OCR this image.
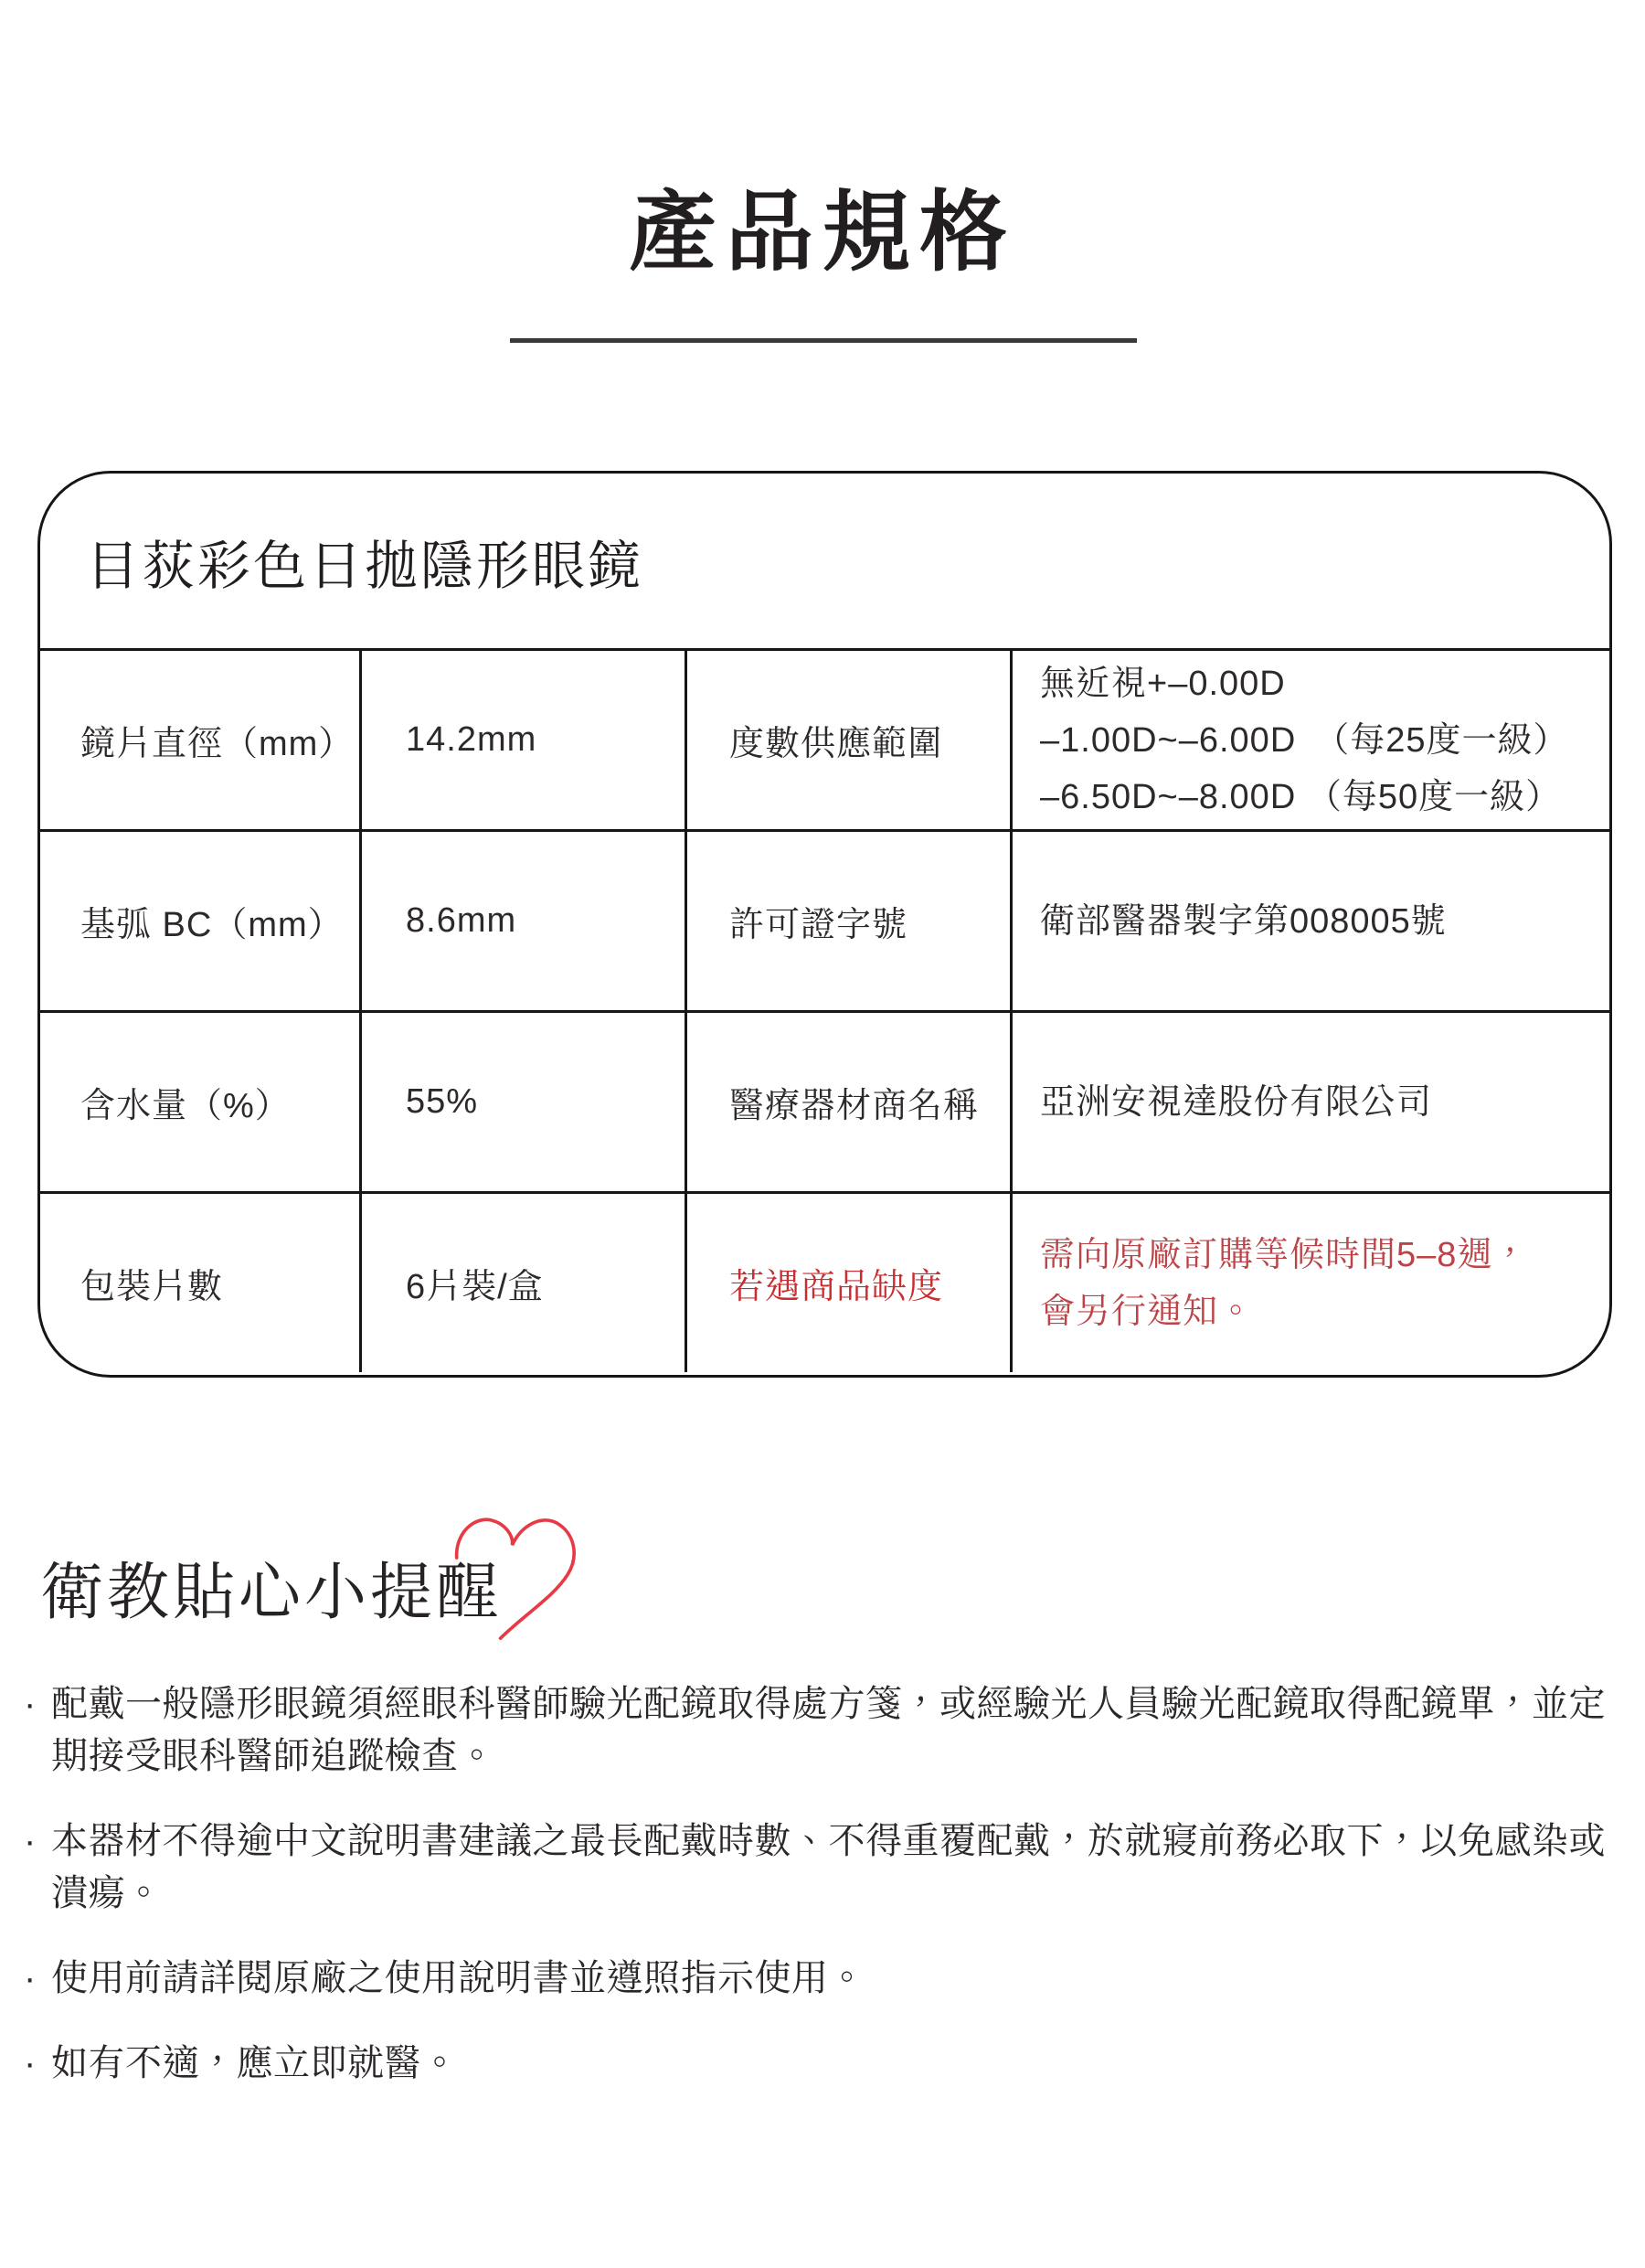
產品規格
目荻彩色日拋隱形眼鏡
鏡片直徑（mm）	14.2mm	度數供應範圍
無近視+–0.00D
–1.00D~–6.00D　（每25度一級）
–6.50D~–8.00D （每50度一級）
基弧 BC（mm）	8.6mm	許可證字號	衛部醫器製字第008005號
含水量（%）	55%	醫療器材商名稱	亞洲安視達股份有限公司
包裝片數	6片裝/盒	若遇商品缺度
需向原廠訂購等候時間5–8週，
會另行通知。
衛教貼心小提醒
· 配戴一般隱形眼鏡須經眼科醫師驗光配鏡取得處方箋，或經驗光人員驗光配鏡取得配鏡單，並定
期接受眼科醫師追蹤檢查。
· 本器材不得逾中文說明書建議之最長配戴時數、不得重覆配戴，於就寢前務必取下，以免感染或
潰瘍。
· 使用前請詳閱原廠之使用說明書並遵照指示使用。
· 如有不適，應立即就醫。
